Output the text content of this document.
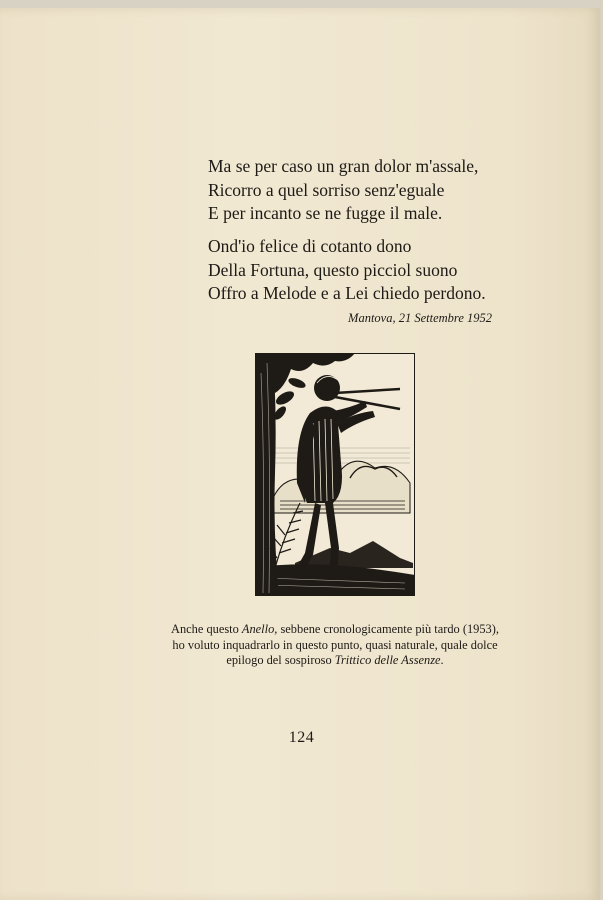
Ma se per caso un gran dolor m'assale,
Ricorro a quel sorriso senz'eguale
E per incanto se ne fugge il male.
Ond'io felice di cotanto dono
Della Fortuna, questo picciol suono
Offro a Melode e a Lei chiedo perdono.
Mantova, 21 Settembre 1952
Anche questo Anello, sebbene cronologicamente più tardo (1953),
ho voluto inquadrarlo in questo punto, quasi naturale, quale dolce
epilogo del sospiroso Trittico delle Assenze.
124
